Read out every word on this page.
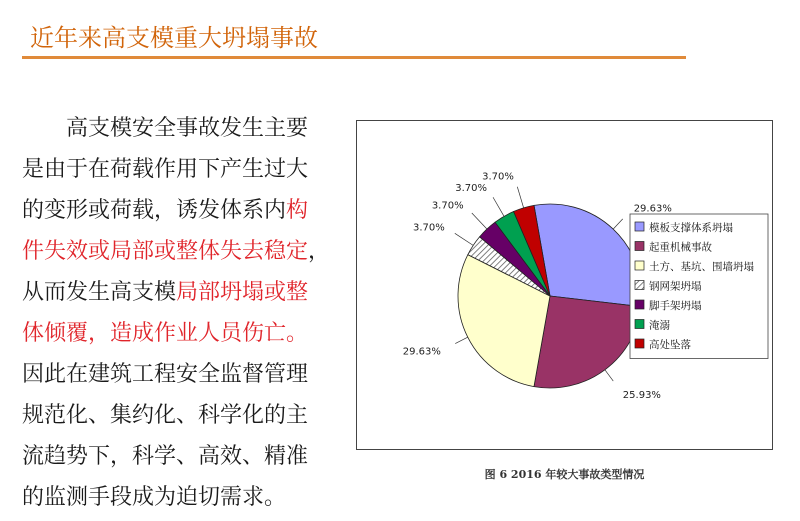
近年来高支模重大坍塌事故
高支模安全事故发生主要
是由于在荷载作用下产生过大
的变形或荷载，诱发体系内构
件失效或局部或整体失去稳定，
从而发生高支模局部坍塌或整
体倾覆，造成作业人员伤亡。
因此在建筑工程安全监督管理
规范化、集约化、科学化的主
流趋势下，科学、高效、精准
的监测手段成为迫切需求。
29.63%
25.93%
29.63%
3.70%
3.70%
3.70%
3.70%
模板支撑体系坍塌
起重机械事故
土方、基坑、围墙坍塌
钢网架坍塌
脚手架坍塌
淹溺
高处坠落
图 6 2016 年较大事故类型情况
